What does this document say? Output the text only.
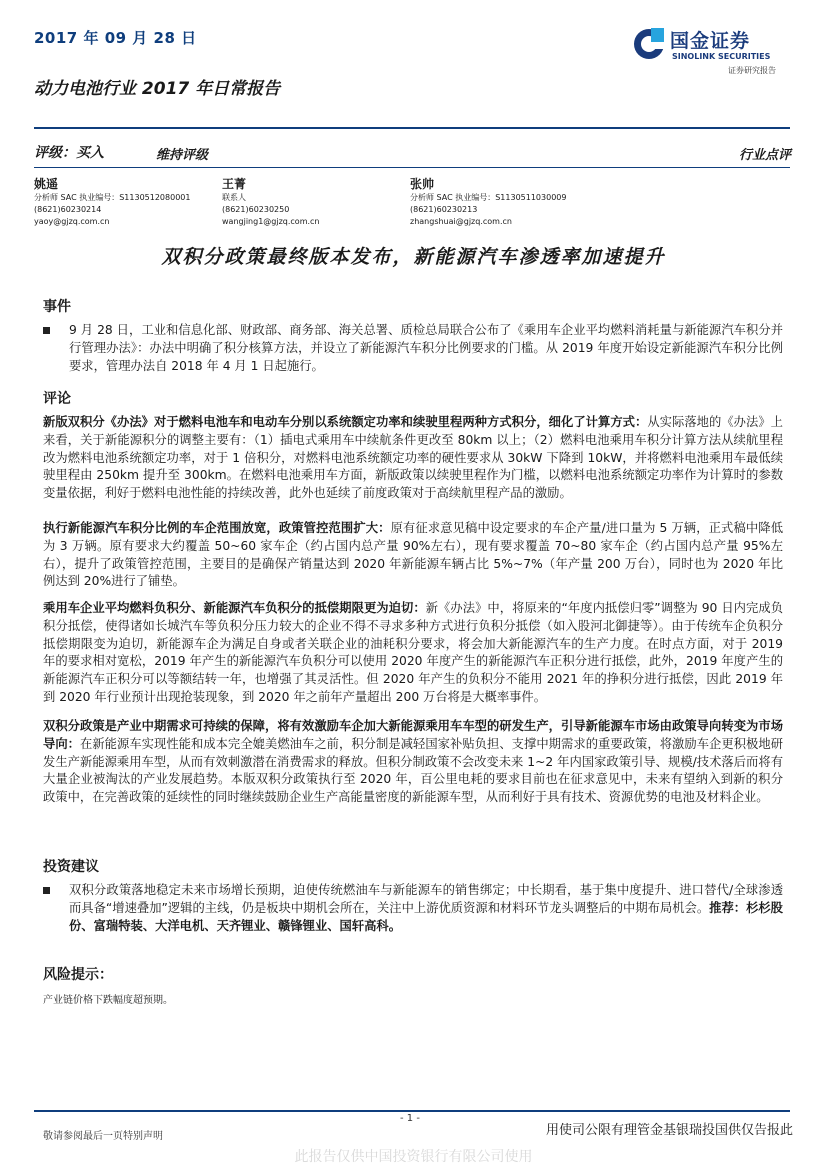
2017 年 09 月 28 日
动力电池行业 2017 年日常报告
国金证券
SINOLINK SECURITIES
证券研究报告
评级：买入	维持评级	行业点评
姚遥
分析师 SAC 执业编号：S1130512080001
(8621)60230214
yaoy@gjzq.com.cn
王菁
联系人
(8621)60230250
wangjing1@gjzq.com.cn
张帅
分析师 SAC 执业编号：S1130511030009
(8621)60230213
zhangshuai@gjzq.com.cn
双积分政策最终版本发布，新能源汽车渗透率加速提升
事件
9 月 28 日，工业和信息化部、财政部、商务部、海关总署、质检总局联合公布了《乘用车企业平均燃料消耗量与新能源汽车积分并行管理办法》：办法中明确了积分核算方法，并设立了新能源汽车积分比例要求的门槛。从 2019 年度开始设定新能源汽车积分比例要求，管理办法自 2018 年 4 月 1 日起施行。
评论
新版双积分《办法》对于燃料电池车和电动车分别以系统额定功率和续驶里程两种方式积分，细化了计算方式：从实际落地的《办法》上来看，关于新能源积分的调整主要有：（1）插电式乘用车中续航条件更改至 80km 以上；（2）燃料电池乘用车积分计算方法从续航里程改为燃料电池系统额定功率，对于 1 倍积分，对燃料电池系统额定功率的硬性要求从 30kW 下降到 10kW，并将燃料电池乘用车最低续驶里程由 250km 提升至 300km。在燃料电池乘用车方面，新版政策以续驶里程作为门槛，以燃料电池系统额定功率作为计算时的参数变量依据，利好于燃料电池性能的持续改善，此外也延续了前度政策对于高续航里程产品的激励。
执行新能源汽车积分比例的车企范围放宽，政策管控范围扩大：原有征求意见稿中设定要求的车企产量/进口量为 5 万辆，正式稿中降低为 3 万辆。原有要求大约覆盖 50~60 家车企（约占国内总产量 90%左右），现有要求覆盖 70~80 家车企（约占国内总产量 95%左右），提升了政策管控范围，主要目的是确保产销量达到 2020 年新能源车辆占比 5%~7%（年产量 200 万台），同时也为 2020 年比例达到 20%进行了铺垫。
乘用车企业平均燃料负积分、新能源汽车负积分的抵偿期限更为迫切：新《办法》中，将原来的“年度内抵偿归零”调整为 90 日内完成负积分抵偿，使得诸如长城汽车等负积分压力较大的企业不得不寻求多种方式进行负积分抵偿（如入股河北御捷等）。由于传统车企负积分抵偿期限变为迫切，新能源车企为满足自身或者关联企业的油耗积分要求，将会加大新能源汽车的生产力度。在时点方面，对于 2019 年的要求相对宽松，2019 年产生的新能源汽车负积分可以使用 2020 年度产生的新能源汽车正积分进行抵偿，此外，2019 年度产生的新能源汽车正积分可以等额结转一年，也增强了其灵活性。但 2020 年产生的负积分不能用 2021 年的挣积分进行抵偿，因此 2019 年到 2020 年行业预计出现抢装现象，到 2020 年之前年产量超出 200 万台将是大概率事件。
双积分政策是产业中期需求可持续的保障，将有效激励车企加大新能源乘用车车型的研发生产，引导新能源车市场由政策导向转变为市场导向：在新能源车实现性能和成本完全媲美燃油车之前，积分制是减轻国家补贴负担、支撑中期需求的重要政策，将激励车企更积极地研发生产新能源乘用车型，从而有效刺激潜在消费需求的释放。但积分制政策不会改变未来 1~2 年内国家政策引导、规模/技术落后而将有大量企业被淘汰的产业发展趋势。本版双积分政策执行至 2020 年，百公里电耗的要求目前也在征求意见中，未来有望纳入到新的积分政策中，在完善政策的延续性的同时继续鼓励企业生产高能量密度的新能源车型，从而利好于具有技术、资源优势的电池及材料企业。
投资建议
双积分政策落地稳定未来市场增长预期，迫使传统燃油车与新能源车的销售绑定；中长期看，基于集中度提升、进口替代/全球渗透而具备“增速叠加”逻辑的主线，仍是板块中期机会所在，关注中上游优质资源和材料环节龙头调整后的中期布局机会。推荐：杉杉股份、富瑞特装、大洋电机、天齐锂业、赣锋锂业、国轩高科。
风险提示：
产业链价格下跌幅度超预期。
- 1 -
敬请参阅最后一页特别声明	用使司公限有理管金基银瑞投国供仅告报此
此报告仅供中国投资银行有限公司使用
